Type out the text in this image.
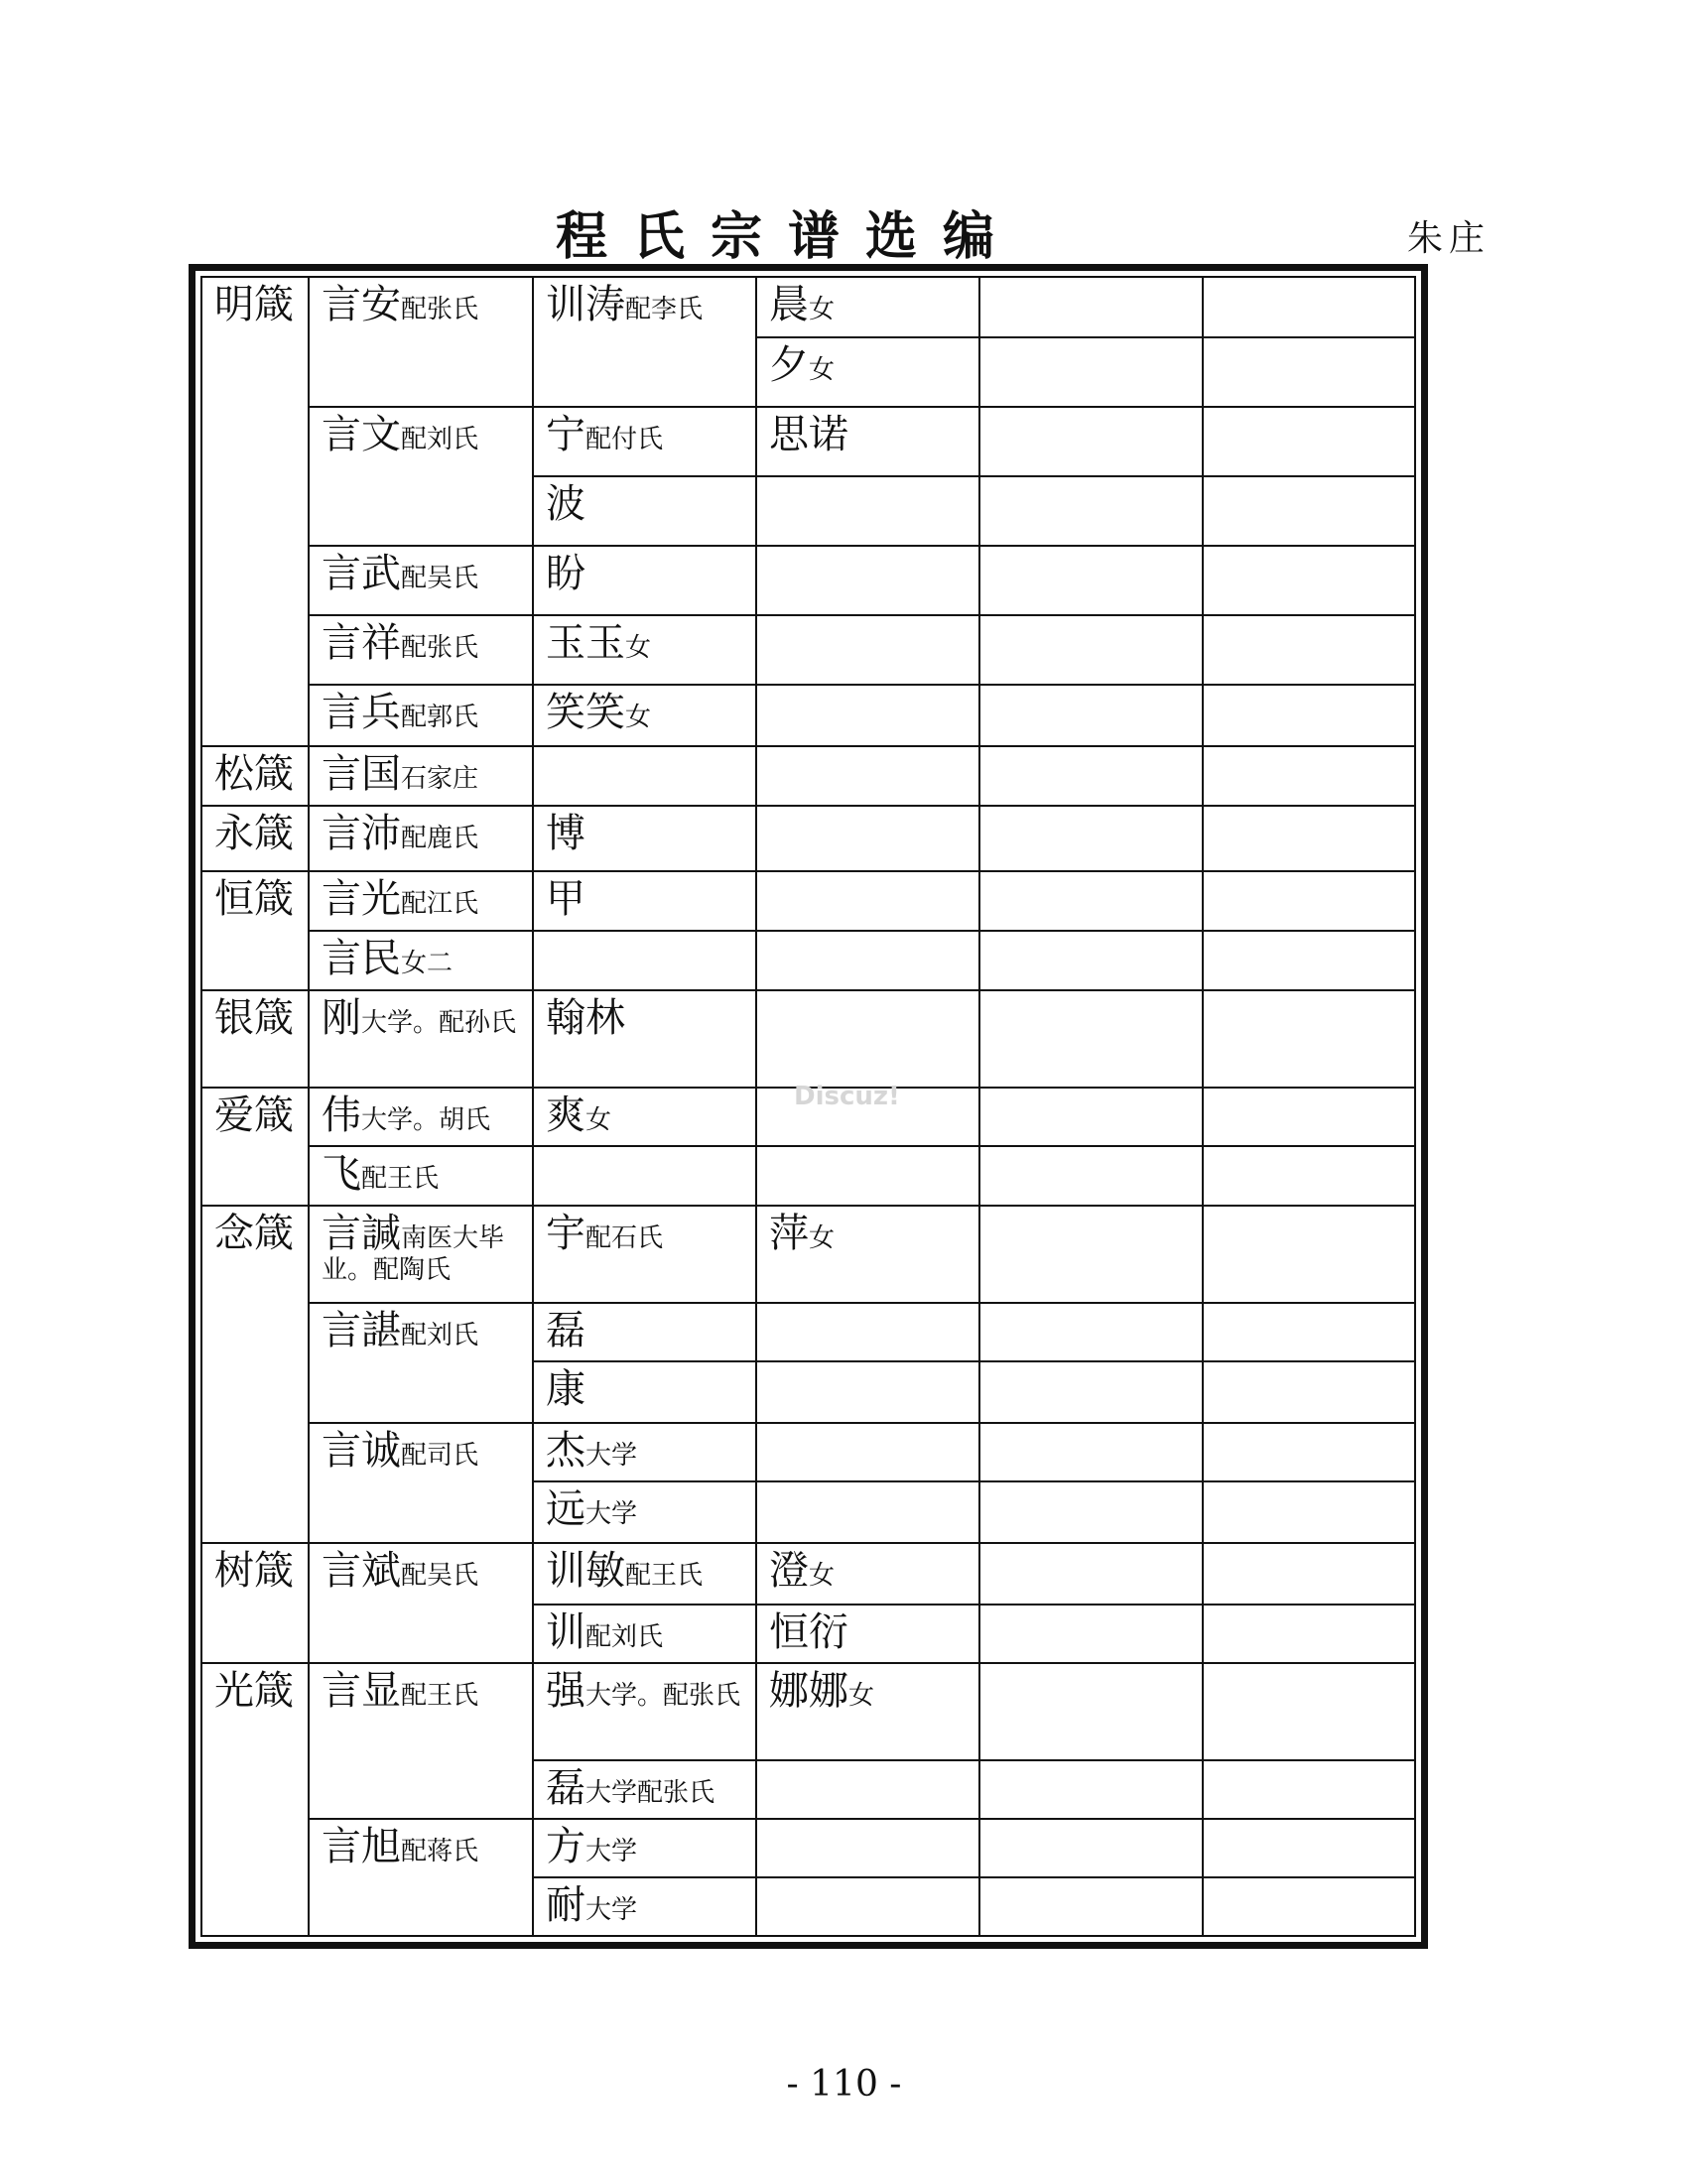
程氏宗谱选编	朱庄
明箴	言安配张氏	训涛配李氏	晨女		
			夕女		
	言文配刘氏	宁配付氏	思诺		
		波			
	言武配吴氏	盼			
	言祥配张氏	玉玉女			
	言兵配郭氏	笑笑女			
松箴	言国石家庄				
永箴	言沛配鹿氏	博			
恒箴	言光配江氏	甲			
	言民女二				
银箴	刚大学。配孙氏	翰林			
爱箴	伟大学。胡氏	爽女			
	飞配王氏				
念箴	言諴南医大毕业。配陶氏	宇配石氏	萍女		
	言諶配刘氏	磊			
		康			
	言诚配司氏	杰大学			
		远大学			
树箴	言斌配吴氏	训敏配王氏	澄女		
		训配刘氏	恒衍		
光箴	言显配王氏	强大学。配张氏	娜娜女		
		磊大学配张氏			
	言旭配蒋氏	方大学			
		耐大学			
Discuz!
- 110 -
